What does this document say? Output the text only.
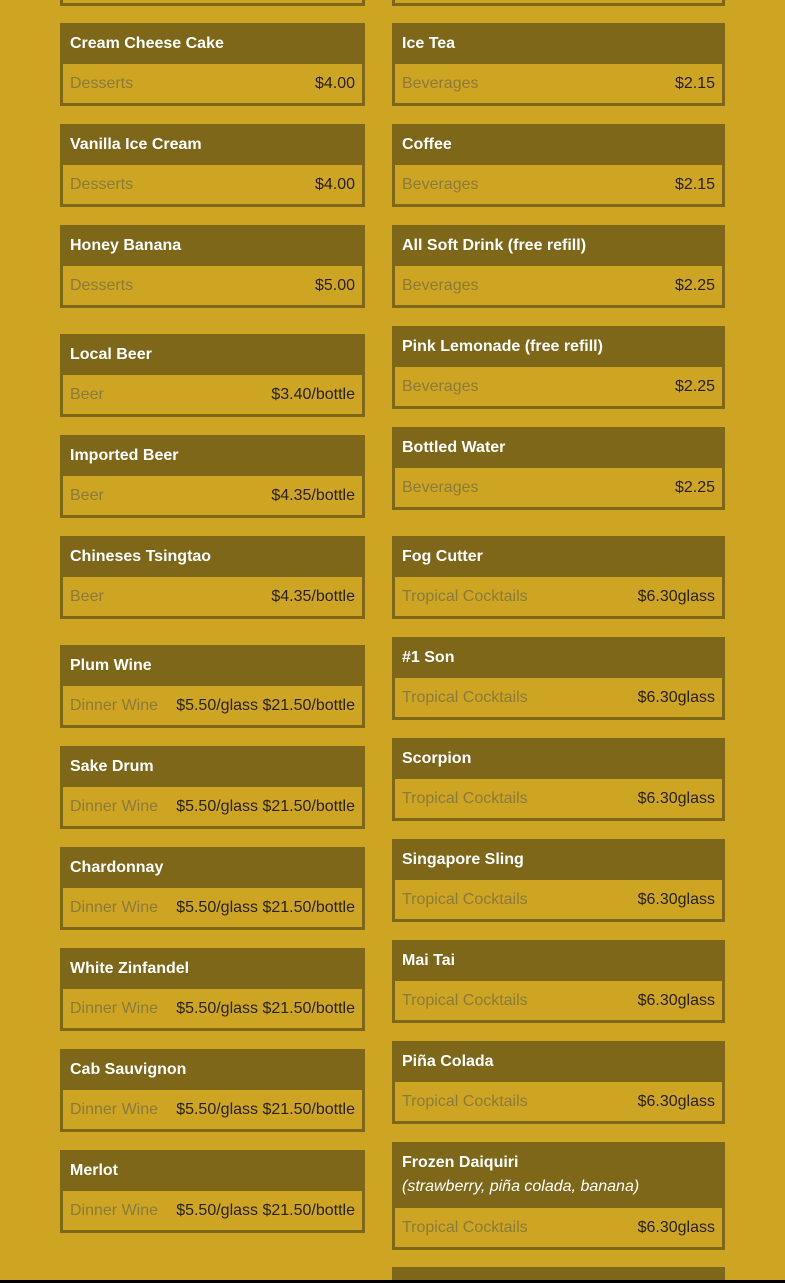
Cream Cheese Cake
Desserts	$4.00
Vanilla Ice Cream
Desserts	$4.00
Honey Banana
Desserts	$5.00
Local Beer
Beer	$3.40/bottle
Imported Beer
Beer	$4.35/bottle
Chineses Tsingtao
Beer	$4.35/bottle
Plum Wine
Dinner Wine $5.50/glass $21.50/bottle
Sake Drum
Dinner Wine $5.50/glass $21.50/bottle
Chardonnay
Dinner Wine $5.50/glass $21.50/bottle
White Zinfandel
Dinner Wine $5.50/glass $21.50/bottle
Cab Sauvignon
Dinner Wine $5.50/glass $21.50/bottle
Merlot
Dinner Wine $5.50/glass $21.50/bottle
Ice Tea
Beverages	$2.15
Coffee
Beverages	$2.15
All Soft Drink (free refill)
Beverages	$2.25
Pink Lemonade (free refill)
Beverages	$2.25
Bottled Water
Beverages	$2.25
Fog Cutter
Tropical Cocktails	$6.30glass
#1 Son
Tropical Cocktails	$6.30glass
Scorpion
Tropical Cocktails	$6.30glass
Singapore Sling
Tropical Cocktails	$6.30glass
Mai Tai
Tropical Cocktails	$6.30glass
Piña Colada
Tropical Cocktails	$6.30glass
Frozen Daiquiri
(strawberry, piña colada, banana)
Tropical Cocktails	$6.30glass
